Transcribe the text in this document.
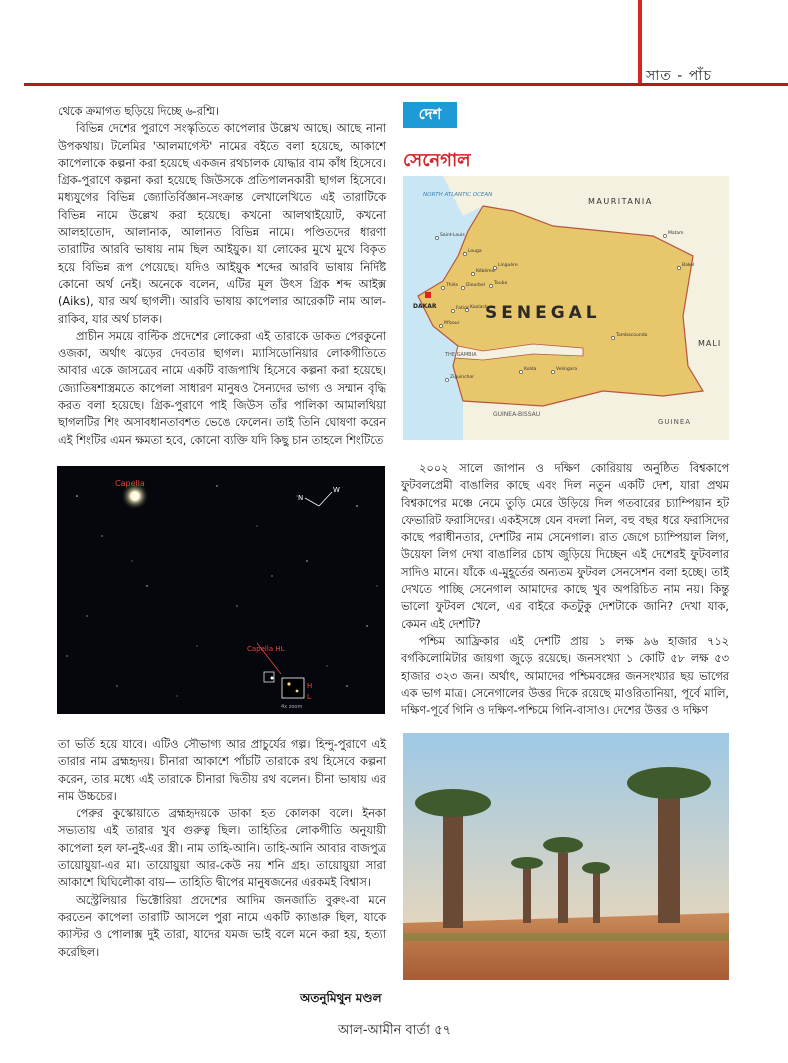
সাত - পাঁচ

থেকে ক্রমাগত ছড়িয়ে দিচ্ছে ৬-রশ্মি।

বিভিন্ন দেশের পুরাণে সংস্কৃতিতে কাপেলার উল্লেখ আছে। আছে নানা উপকথায়। টলেমির 'আলমাগেস্ট' নামের বইতে বলা হয়েছে, আকাশে কাপেলাকে কল্পনা করা হয়েছে একজন রথচালক যোদ্ধার বাম কাঁধ হিসেবে। গ্রিক-পুরাণে কল্পনা করা হয়েছে জিউসকে প্রতিপালনকারী ছাগল হিসেবে। মধ্যযুগের বিভিন্ন জ্যোতির্বিজ্ঞান-সংক্রান্ত লেখালেখিতে এই তারাটিকে বিভিন্ন নামে উল্লেখ করা হয়েছে। কখনো আলথাইয়োট, কখনো আলহাতোদ, আলানাক, আলানত বিভিন্ন নামে। পণ্ডিতদের ধারণা তারাটির আরবি ভাষায় নাম ছিল আইয়ুক। যা লোকের মুখে মুখে বিকৃত হয়ে বিভিন্ন রূপ পেয়েছে। যদিও আইয়ুক শব্দের আরবি ভাষায় নির্দিষ্ট কোনো অর্থ নেই। অনেকে বলেন, এটির মূল উৎস গ্রিক শব্দ আইক্স (Aiks), যার অর্থ ছাগলী। আরবি ভাষায় কাপেলার আরেকটি নাম আল-রাকিব, যার অর্থ চালক।

প্রাচীন সময়ে বাল্টিক প্রদেশের লোকেরা এই তারাকে ডাকত পেরকুনো ওজকা, অর্থাৎ ঝড়ের দেবতার ছাগল। ম্যাসিডোনিয়ার লোকগীতিতে আবার একে জাসত্রেব নামে একটি বাজপাখি হিসেবে কল্পনা করা হয়েছে। জ্যোতিষশাস্ত্রমতে কাপেলা সাধারণ মানুষও সৈন্যদের ভাগ্য ও সম্মান বৃদ্ধি করত বলা হয়েছে। গ্রিক-পুরাণে পাই জিউস তাঁর পালিকা আমালথিয়া ছাগলটির শিং অসাবধানতাবশত ভেঙে ফেলেন। তাই তিনি ঘোষণা করেন এই শিংটির এমন ক্ষমতা হবে, কোনো ব্যক্তি যদি কিছু চান তাহলে শিংটিতে

Capella
N
W
Capella HL
H
L
4x zoom

তা ভর্তি হয়ে যাবে। এটিও সৌভাগ্য আর প্রাচুর্যের গল্প। হিন্দু-পুরাণে এই তারার নাম ব্রহ্মহৃদয়। চীনারা আকাশে পাঁচটি তারাকে রথ হিসেবে কল্পনা করেন, তার মধ্যে এই তারাকে চীনারা দ্বিতীয় রথ বলেন। চীনা ভাষায় এর নাম উচ্চচের।

পেরুর কুস্কোয়াতে ব্রহ্মহৃদয়কে ডাকা হত কোলকা বলে। ইনকা সভ্যতায় এই তারার খুব গুরুত্ব ছিল। তাহিতির লোকগীতি অনুযায়ী কাপেলা হল ফা-নুই-এর স্ত্রী। নাম তাহি-আনি। তাহি-আনি আবার বাজপুত্র তায়োয়ুয়া-এর মা। তায়োয়ুয়া আর-কেউ নয় শনি গ্রহ। তায়োয়ুয়া সারা আকাশে ঘিঘিলৌকা বায়— তাহিতি দ্বীপের মানুষজনের এরকমই বিশ্বাস।

অস্ট্রেলিয়ার ভিক্টোরিয়া প্রদেশের আদিম জনজাতি বুরুং-বা মনে করতেন কাপেলা তারাটি আসলে পুরা নামে একটি ক্যাঙারু ছিল, যাকে ক্যাস্টর ও পোলাক্স দুই তারা, যাদের যমজ ভাই বলে মনে করা হয়, হত্যা করেছিল।

অতনুমিথুন মণ্ডল
দেশ
সেনেগাল
NORTH ATLANTIC OCEAN
MAURITANIA
MALI
SENEGAL
THE GAMBIA
GUINEA-BISSAU
GUINEA
DAKAR
Saint-Louis
Louga
Linguère
Kébémer
Matam
Touba
Diourbel
Thiès
Kaolack
Fatick
M'bour
Tambacounda
Kolda
Ziguinchor
Velingara
Bakel

২০০২ সালে জাপান ও দক্ষিণ কোরিয়ায় অনুষ্ঠিত বিশ্বকাপে ফুটবলপ্রেমী বাঙালির কাছে এবং দিল নতুন একটি দেশ, যারা প্রথম বিশ্বকাপের মঞ্চে নেমে তুড়ি মেরে উড়িয়ে দিল গতবারের চ্যাম্পিয়ান হট ফেভারিট ফরাসিদের। একইসঙ্গে যেন বদলা নিল, বহু বছর ধরে ফরাসিদের কাছে পরাধীনতার, দেশটির নাম সেনেগাল। রাত জেগে চ্যাম্পিয়াল লিগ, উয়েফা লিগ দেখা বাঙালির চোখ জুড়িয়ে দিচ্ছেন এই দেশেরই ফুটবলার সাদিও মানে। যাঁকে এ-মুহূর্তের অন্যতম ফুটবল সেনসেশন বলা হচ্ছে। তাই দেখতে পাচ্ছি সেনেগাল আমাদের কাছে খুব অপরিচিত নাম নয়। কিন্তু ভালো ফুটবল খেলে, এর বাইরে কতটুকু দেশটাকে জানি? দেখা যাক, কেমন এই দেশটি?

পশ্চিম আফ্রিকার এই দেশটি প্রায় ১ লক্ষ ৯৬ হাজার ৭১২ বর্গকিলোমিটার জায়গা জুড়ে রয়েছে। জনসংখ্যা ১ কোটি ৫৮ লক্ষ ৫৩ হাজার ৩২৩ জন। অর্থাৎ, আমাদের পশ্চিমবঙ্গের জনসংখ্যার ছয় ভাগের এক ভাগ মাত্র। সেনেগালের উত্তর দিকে রয়েছে মাওরিতানিয়া, পূর্বে মালি, দক্ষিণ-পূর্বে গিনি ও দক্ষিণ-পশ্চিমে গিনি-বাসাও। দেশের উত্তর ও দক্ষিণ

আল-আমীন বার্তা ৫৭
